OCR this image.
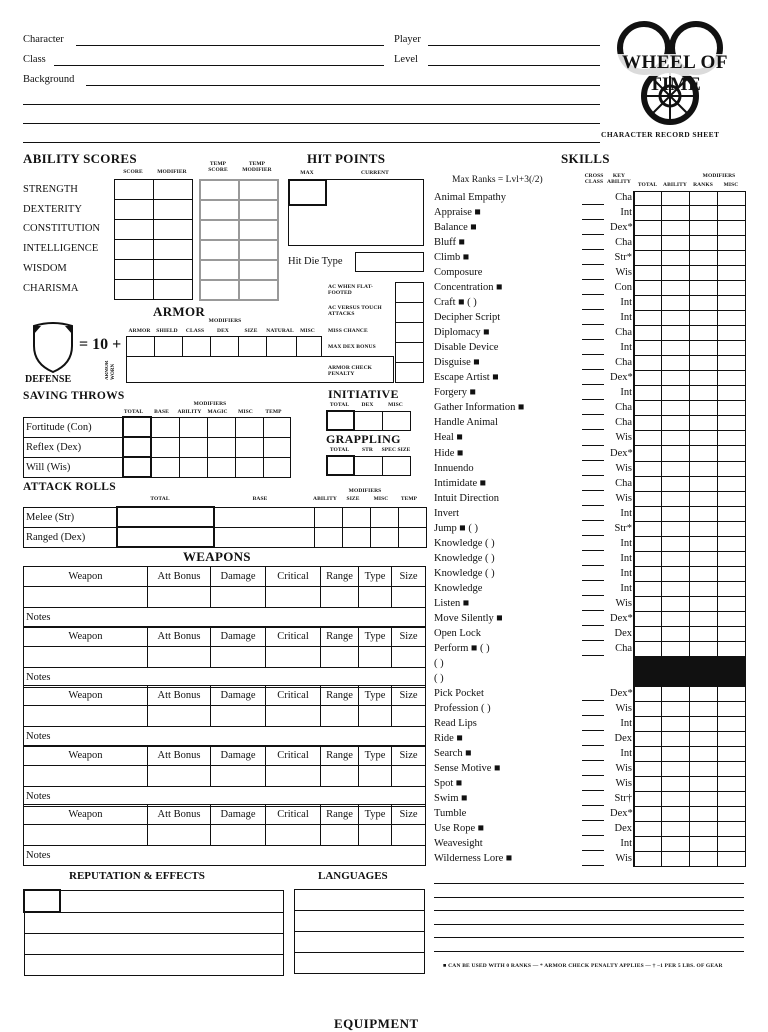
Character	Player
Class	Level
Background
WHEEL OF TIME
CHARACTER RECORD SHEET
ABILITY SCORES
SCORE	MODIFIER
TEMP SCORE
TEMP MODIFIER
STRENGTH
DEXTERITY
CONSTITUTION
INTELLIGENCE
WISDOM
CHARISMA

HIT POINTS
MAX	CURRENT
Hit Die Type
ARMOR
MODIFIERS
ARMOR	SHIELD	CLASS	DEX	SIZE	NATURAL	MISC
= 10 +
DEFENSE	ARMOR WORN

AC WHEN FLAT-FOOTED
AC VERSUS TOUCH ATTACKS
MISS CHANCE
MAX DEX BONUS
ARMOR CHECK PENALTY

SAVING THROWS
MODIFIERS
TOTAL	BASE	ABILITY	MAGIC	MISC	TEMP
Fortitude (Con)						
Reflex (Dex)						
Will (Wis)						
INITIATIVE
TOTAL	DEX	MISC

GRAPPLING
TOTAL	STR	SPEC SIZE

ATTACK ROLLS
TOTAL	BASE
MODIFIERS
ABILITY	SIZE	MISC	TEMP
Melee (Str)						
Ranged (Dex)						
WEAPONS
Weapon	Att Bonus	Damage	Critical	Range	Type	Size

Notes						
Weapon	Att Bonus	Damage	Critical	Range	Type	Size

Notes						
Weapon	Att Bonus	Damage	Critical	Range	Type	Size

Notes						
Weapon	Att Bonus	Damage	Critical	Range	Type	Size

Notes						
Weapon	Att Bonus	Damage	Critical	Range	Type	Size

Notes						
REPUTATION & EFFECTS
		LANGUAGES

EQUIPMENT
SKILLS
Max Ranks = Lvl+3(/2)	CROSS CLASS
KEY ABILITY	TOTAL
MODIFIERS
ABILITY	RANKS	MISC
Animal Empathy	Cha
Appraise ■	Int
Balance ■	Dex*
Bluff ■	Cha
Climb ■	Str*
Composure	Wis
Concentration ■	Con
Craft ■ ( )	Int
Decipher Script	Int
Diplomacy ■	Cha
Disable Device	Int
Disguise ■	Cha
Escape Artist ■	Dex*
Forgery ■	Int
Gather Information ■	Cha
Handle Animal	Cha
Heal ■	Wis
Hide ■	Dex*
Innuendo	Wis
Intimidate ■	Cha
Intuit Direction	Wis
Invert	Int
Jump ■ ( )	Str*
Knowledge ( )	Int
Knowledge ( )	Int
Knowledge ( )	Int
Knowledge	Int
Listen ■	Wis
Move Silently ■	Dex*
Open Lock	Dex
Perform ■ ( )	Cha
( )
( )
Pick Pocket	Dex*
Profession ( )	Wis
Read Lips	Int
Ride ■	Dex
Search ■	Int
Sense Motive ■	Wis
Spot ■	Wis
Swim ■	Str†
Tumble	Dex*
Use Rope ■	Dex
Weavesight	Int
Wilderness Lore ■	Wis
■ CAN BE USED WITH 0 RANKS — * ARMOR CHECK PENALTY APPLIES — † –1 PER 5 LBS. OF GEAR
